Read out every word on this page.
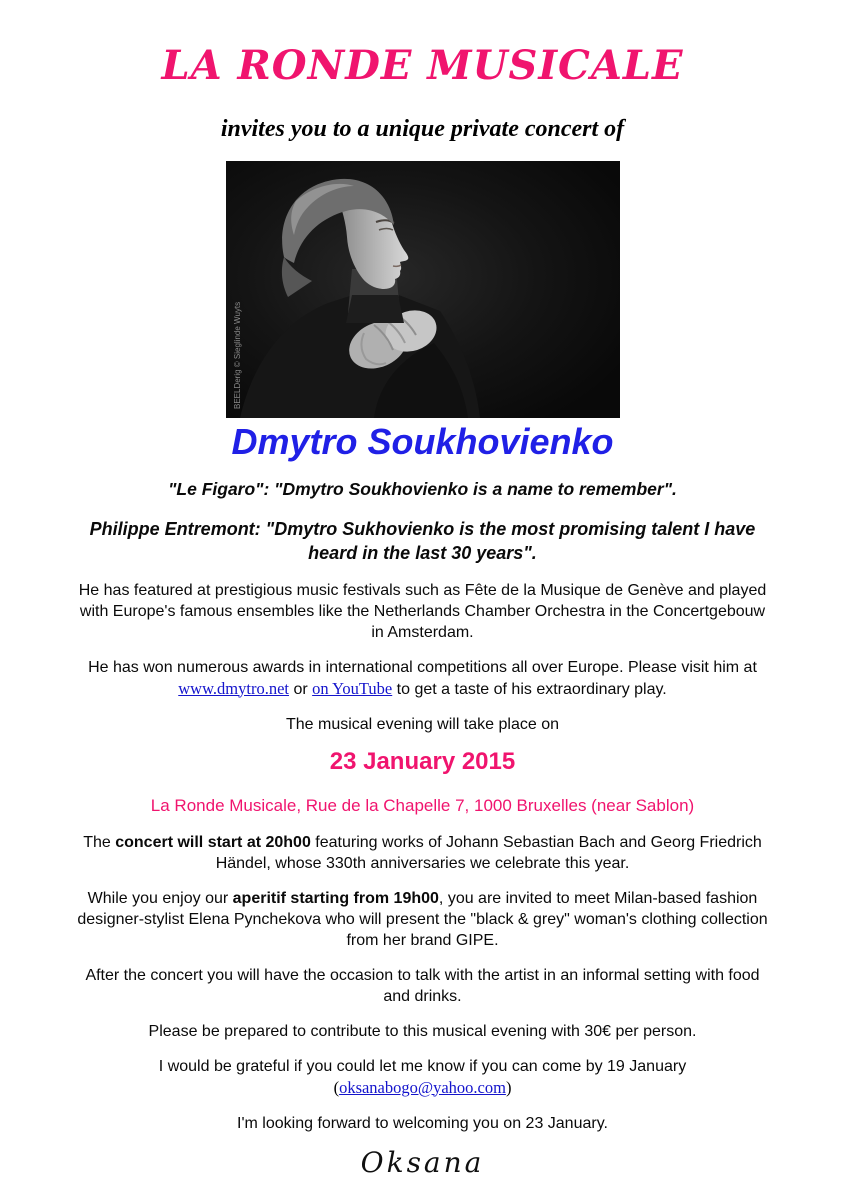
LA RONDE MUSICALE
invites you to a unique private concert of
BEELDerig © Sieglinde Wuyts
Dmytro Soukhovienko
"Le Figaro": "Dmytro Soukhovienko is a name to remember".
Philippe Entremont: "Dmytro Sukhovienko is the most promising talent I have heard in the last 30 years".
He has featured at prestigious music festivals such as Fête de la Musique de Genève and played with Europe's famous ensembles like the Netherlands Chamber Orchestra in the Concertgebouw in Amsterdam.
He has won numerous awards in international competitions all over Europe. Please visit him at www.dmytro.net or on YouTube to get a taste of his extraordinary play.
The musical evening will take place on
23 January 2015
La Ronde Musicale, Rue de la Chapelle 7, 1000 Bruxelles (near Sablon)
The concert will start at 20h00 featuring works of Johann Sebastian Bach and Georg Friedrich Händel, whose 330th anniversaries we celebrate this year.
While you enjoy our aperitif starting from 19h00, you are invited to meet Milan-based fashion designer-stylist Elena Pynchekova who will present the "black & grey" woman's clothing collection from her brand GIPE.
After the concert you will have the occasion to talk with the artist in an informal setting with food and drinks.
Please be prepared to contribute to this musical evening with 30€ per person.
I would be grateful if you could let me know if you can come by 19 January (oksanabogo@yahoo.com)
I'm looking forward to welcoming you on 23 January.
Oksana
